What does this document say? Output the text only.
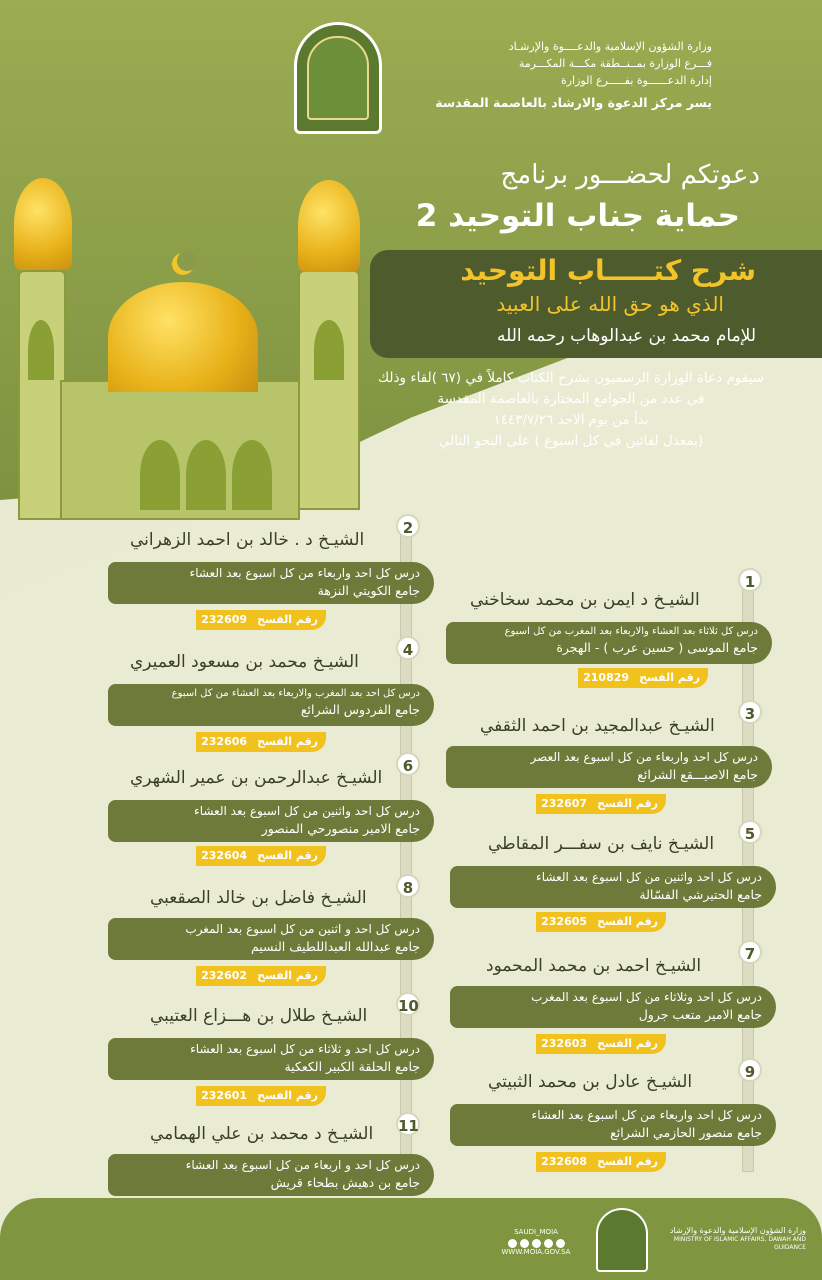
وزارة الشؤون الإسلامية والدعــــوة والإرشـاد
فـــرع الوزارة بمــنــطقة مكـــة المكـــرمة
إدارة الدعــــــوة بفـــــرع الوزارة
يسر مركز الدعوة والارشاد بالعاصمة المقدسة
دعوتكم لحضـــور برنامج
حماية جناب التوحيد 2
شرح كتـــــاب التوحيد
الذي هو حق الله على العبيد
للإمام محمد بن عبدالوهاب رحمه الله
سيقوم دعاة الوزارة الرسميون بشرح الكتاب كاملاً في (٦٧ )لقاء وذلك
في عدد من الجوامع المختارة بالعاصمة المقدسة
بدأ من يوم الاحد ١٤٤٣/٧/٢٦
(بمعدل لقائين في كل اسبوع ) على النحو التالي
1
الشيـخ د ايمن بن محمد سخاخني
درس كل ثلاثاء بعد العشاء والاربعاء بعد المغرب من كل اسبوع
جامع الموسى ( حسين عرب ) - الهجرة
رقم الفسح210829
2
الشيـخ د . خالد بن احمد الزهراني
درس كل احد واربعاء من كل اسبوع بعد العشاء
جامع الكويتي النزهة
رقم الفسح232609
3
الشيـخ عبدالمجيد بن احمد الثقفي
درس كل احد واربعاء من كل اسبوع بعد العصر
جامع الاصيـــقع الشرائع
رقم الفسح232607
4
الشيـخ محمد بن مسعود العميري
درس كل احد بعد المغرب والاربعاء بعد العشاء من كل اسبوع
جامع الفردوس الشرائع
رقم الفسح232606
5
الشيـخ نايف بن سفـــر المقاطي
درس كل احد واثنين من كل اسبوع بعد العشاء
جامع الحتيرشي الفسّالة
رقم الفسح232605
6
الشيـخ عبدالرحمن بن عمير الشهري
درس كل احد واثنين من كل اسبوع بعد العشاء
جامع الامير منصورحي المنصور
رقم الفسح232604
7
الشيـخ احمد بن محمد المحمود
درس كل احد وثلاثاء من كل اسبوع بعد المغرب
جامع الامير متعب جرول
رقم الفسح232603
8
الشيـخ فاضل بن خالد الصقعبي
درس كل احد و اثنين من كل اسبوع بعد المغرب
جامع عبدالله العبداللطيف النسيم
رقم الفسح232602
9
الشيـخ عادل بن محمد الثبيتي
درس كل احد واربعاء من كل اسبوع بعد العشاء
جامع منصور الحازمي الشرائع
رقم الفسح232608
10
الشيـخ طلال بن هـــزاع العتيبي
درس كل احد و ثلاثاء من كل اسبوع بعد العشاء
جامع الحلقة الكبير الكعكية
رقم الفسح232601
11
الشيـخ د محمد بن علي الهمامي
درس كل احد و اربعاء من كل اسبوع بعد العشاء
جامع بن دهيش بطحاء قريش
وزارة الشؤون الإسلامية والدعوة والإرشاد
MINISTRY OF ISLAMIC AFFAIRS, DAWAH AND GUIDANCE
SAUDI_MOIA
WWW.MOIA.GOV.SA
